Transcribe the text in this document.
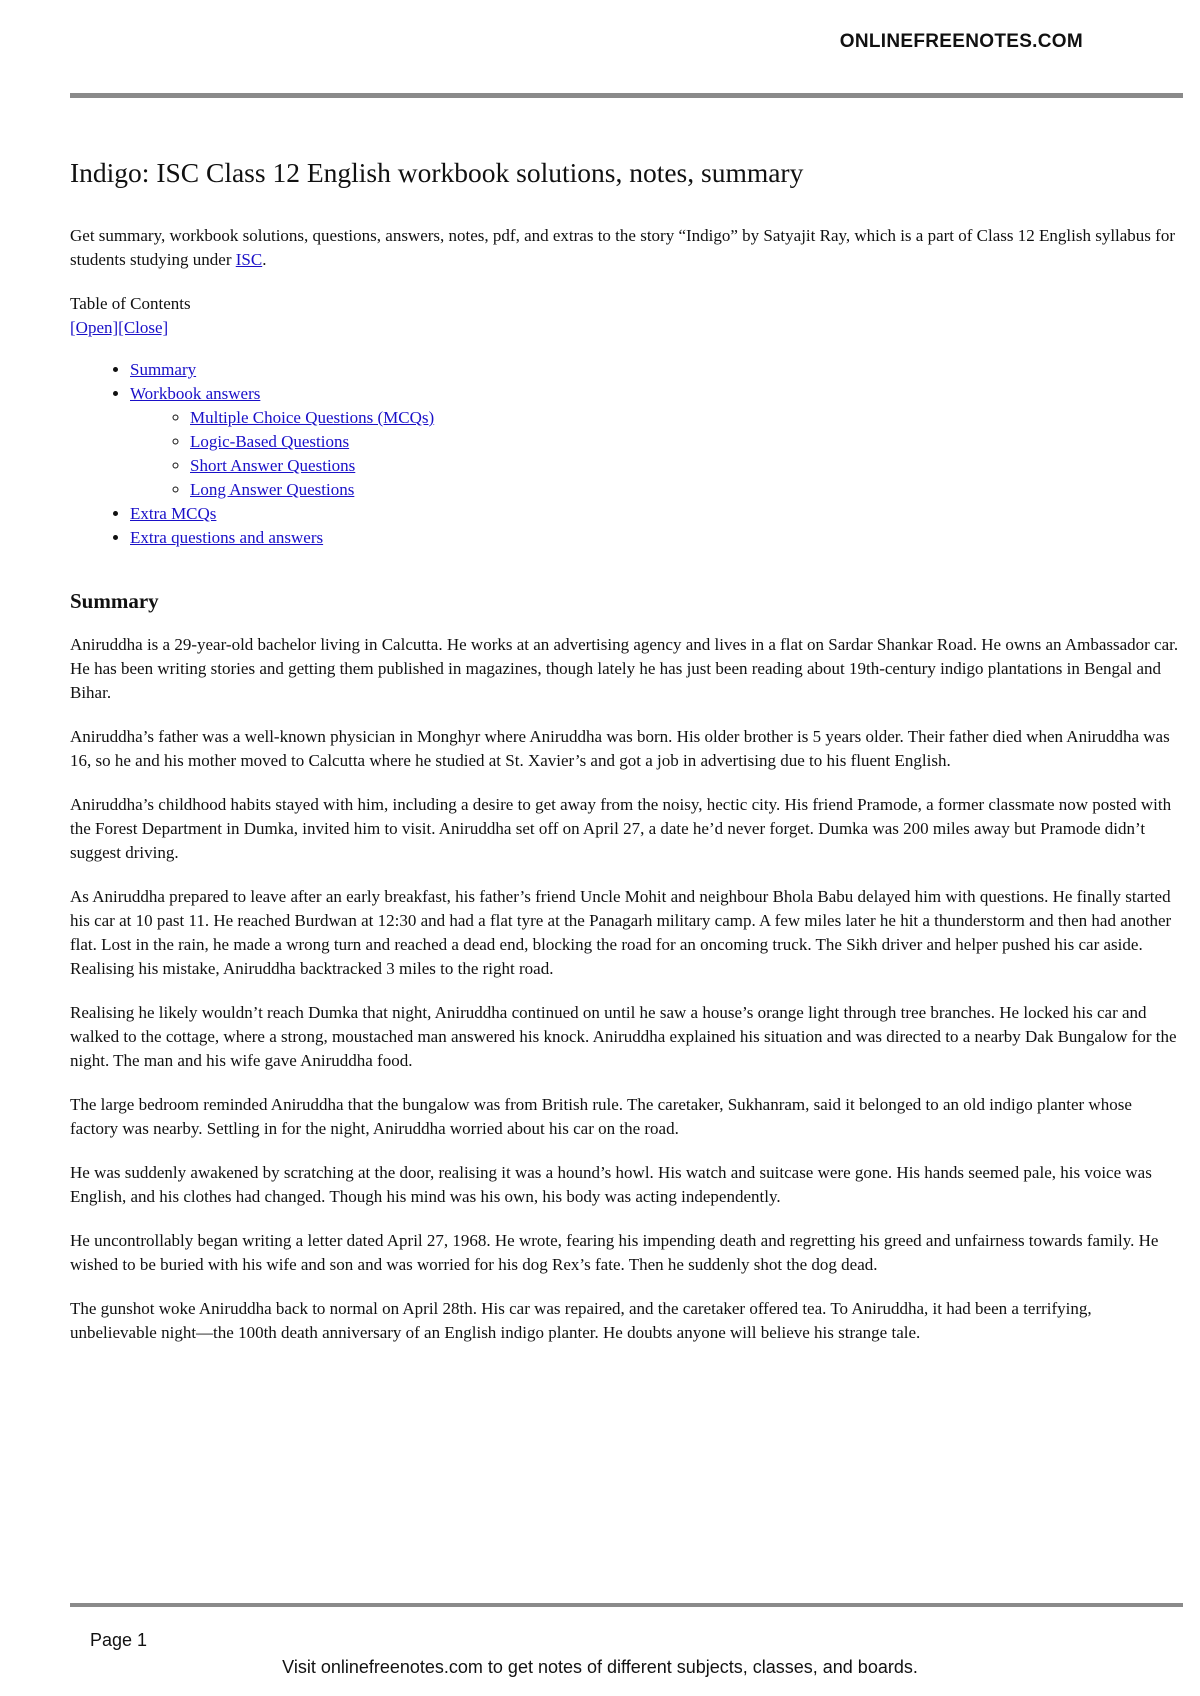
ONLINEFREENOTES.COM
Indigo: ISC Class 12 English workbook solutions, notes, summary

Get summary, workbook solutions, questions, answers, notes, pdf, and extras to the story “Indigo” by Satyajit Ray, which is a part of Class 12 English syllabus for students studying under ISC.

Table of Contents
[Open][Close]
• Summary
• Workbook answers
◦ Multiple Choice Questions (MCQs)
◦ Logic-Based Questions
◦ Short Answer Questions
◦ Long Answer Questions
• Extra MCQs
• Extra questions and answers
Summary

Aniruddha is a 29-year-old bachelor living in Calcutta. He works at an advertising agency and lives in a flat on Sardar Shankar Road. He owns an Ambassador car. He has been writing stories and getting them published in magazines, though lately he has just been reading about 19th-century indigo plantations in Bengal and Bihar.

Aniruddha’s father was a well-known physician in Monghyr where Aniruddha was born. His older brother is 5 years older. Their father died when Aniruddha was 16, so he and his mother moved to Calcutta where he studied at St. Xavier’s and got a job in advertising due to his fluent English.

Aniruddha’s childhood habits stayed with him, including a desire to get away from the noisy, hectic city. His friend Pramode, a former classmate now posted with the Forest Department in Dumka, invited him to visit. Aniruddha set off on April 27, a date he’d never forget. Dumka was 200 miles away but Pramode didn’t suggest driving.

As Aniruddha prepared to leave after an early breakfast, his father’s friend Uncle Mohit and neighbour Bhola Babu delayed him with questions. He finally started his car at 10 past 11. He reached Burdwan at 12:30 and had a flat tyre at the Panagarh military camp. A few miles later he hit a thunderstorm and then had another flat. Lost in the rain, he made a wrong turn and reached a dead end, blocking the road for an oncoming truck. The Sikh driver and helper pushed his car aside. Realising his mistake, Aniruddha backtracked 3 miles to the right road.

Realising he likely wouldn’t reach Dumka that night, Aniruddha continued on until he saw a house’s orange light through tree branches. He locked his car and walked to the cottage, where a strong, moustached man answered his knock. Aniruddha explained his situation and was directed to a nearby Dak Bungalow for the night. The man and his wife gave Aniruddha food.

The large bedroom reminded Aniruddha that the bungalow was from British rule. The caretaker, Sukhanram, said it belonged to an old indigo planter whose factory was nearby. Settling in for the night, Aniruddha worried about his car on the road.

He was suddenly awakened by scratching at the door, realising it was a hound’s howl. His watch and suitcase were gone. His hands seemed pale, his voice was English, and his clothes had changed. Though his mind was his own, his body was acting independently.

He uncontrollably began writing a letter dated April 27, 1968. He wrote, fearing his impending death and regretting his greed and unfairness towards family. He wished to be buried with his wife and son and was worried for his dog Rex’s fate. Then he suddenly shot the dog dead.

The gunshot woke Aniruddha back to normal on April 28th. His car was repaired, and the caretaker offered tea. To Aniruddha, it had been a terrifying, unbelievable night—the 100th death anniversary of an English indigo planter. He doubts anyone will believe his strange tale.

Page 1
Visit onlinefreenotes.com to get notes of different subjects, classes, and boards.
